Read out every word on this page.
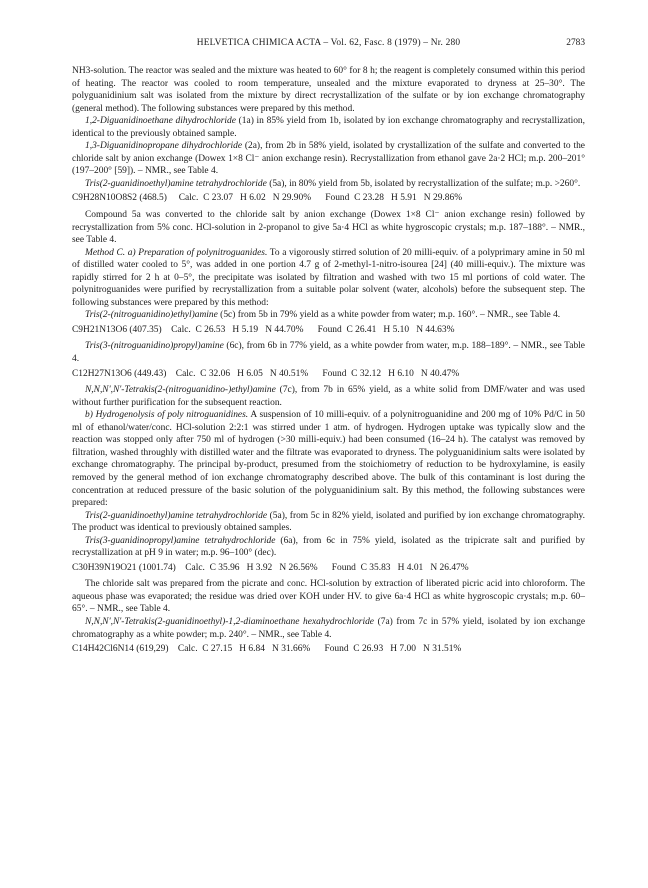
HELVETICA CHIMICA ACTA – Vol. 62, Fasc. 8 (1979) – Nr. 280	2783

NH3-solution. The reactor was sealed and the mixture was heated to 60° for 8 h; the reagent is completely consumed within this period of heating. The reactor was cooled to room temperature, unsealed and the mixture evaporated to dryness at 25–30°. The polyguanidinium salt was isolated from the mixture by direct recrystallization of the sulfate or by ion exchange chromatography (general method). The following substances were prepared by this method.

1,2-Diguanidinoethane dihydrochloride (1a) in 85% yield from 1b, isolated by ion exchange chromatography and recrystallization, identical to the previously obtained sample.

1,3-Diguanidinopropane dihydrochloride (2a), from 2b in 58% yield, isolated by crystallization of the sulfate and converted to the chloride salt by anion exchange (Dowex 1×8 Cl⁻ anion exchange resin). Recrystallization from ethanol gave 2a·2 HCl; m.p. 200–201° (197–200° [59]). – NMR., see Table 4.

Tris(2-guanidinoethyl)amine tetrahydrochloride (5a), in 80% yield from 5b, isolated by recrystallization of the sulfate; m.p. >260°.

C9H28N10O8S2 (468.5)     Calc.  C 23.07   H 6.02   N 29.90%      Found  C 23.28   H 5.91   N 29.86%

Compound 5a was converted to the chloride salt by anion exchange (Dowex 1×8 Cl⁻ anion exchange resin) followed by recrystallization from 5% conc. HCl-solution in 2-propanol to give 5a·4 HCl as white hygroscopic crystals; m.p. 187–188°. – NMR., see Table 4.

Method C. a) Preparation of polynitroguanides. To a vigorously stirred solution of 20 milli-equiv. of a polyprimary amine in 50 ml of distilled water cooled to 5°, was added in one portion 4.7 g of 2-methyl-1-nitro-isourea [24] (40 milli-equiv.). The mixture was rapidly stirred for 2 h at 0–5°, the precipitate was isolated by filtration and washed with two 15 ml portions of cold water. The polynitroguanides were purified by recrystallization from a suitable polar solvent (water, alcohols) before the subsequent step. The following substances were prepared by this method:

Tris(2-(nitroguanidino)ethyl)amine (5c) from 5b in 79% yield as a white powder from water; m.p. 160°. – NMR., see Table 4.

C9H21N13O6 (407.35)    Calc.  C 26.53   H 5.19   N 44.70%      Found  C 26.41   H 5.10   N 44.63%

Tris(3-(nitroguanidino)propyl)amine (6c), from 6b in 77% yield, as a white powder from water, m.p. 188–189°. – NMR., see Table 4.

C12H27N13O6 (449.43)    Calc.  C 32.06   H 6.05   N 40.51%      Found  C 32.12   H 6.10   N 40.47%

N,N,N',N'-Tetrakis(2-(nitroguanidino-)ethyl)amine (7c), from 7b in 65% yield, as a white solid from DMF/water and was used without further purification for the subsequent reaction.

b) Hydrogenolysis of poly nitroguanidines. A suspension of 10 milli-equiv. of a polynitroguanidine and 200 mg of 10% Pd/C in 50 ml of ethanol/water/conc. HCl-solution 2:2:1 was stirred under 1 atm. of hydrogen. Hydrogen uptake was typically slow and the reaction was stopped only after 750 ml of hydrogen (>30 milli-equiv.) had been consumed (16–24 h). The catalyst was removed by filtration, washed throughly with distilled water and the filtrate was evaporated to dryness. The polyguanidinium salts were isolated by exchange chromatography. The principal by-product, presumed from the stoichiometry of reduction to be hydroxylamine, is easily removed by the general method of ion exchange chromatography described above. The bulk of this contaminant is lost during the concentration at reduced pressure of the basic solution of the polyguanidinium salt. By this method, the following substances were prepared:

Tris(2-guanidinoethyl)amine tetrahydrochloride (5a), from 5c in 82% yield, isolated and purified by ion exchange chromatography. The product was identical to previously obtained samples.

Tris(3-guanidinopropyl)amine tetrahydrochloride (6a), from 6c in 75% yield, isolated as the tripicrate salt and purified by recrystallization at pH 9 in water; m.p. 96–100° (dec).

C30H39N19O21 (1001.74)    Calc.  C 35.96   H 3.92   N 26.56%      Found  C 35.83   H 4.01   N 26.47%

The chloride salt was prepared from the picrate and conc. HCl-solution by extraction of liberated picric acid into chloroform. The aqueous phase was evaporated; the residue was dried over KOH under HV. to give 6a·4 HCl as white hygroscopic crystals; m.p. 60–65°. – NMR., see Table 4.

N,N,N',N'-Tetrakis(2-guanidinoethyl)-1,2-diaminoethane hexahydrochloride (7a) from 7c in 57% yield, isolated by ion exchange chromatography as a white powder; m.p. 240°. – NMR., see Table 4.

C14H42Cl6N14 (619,29)    Calc.  C 27.15   H 6.84   N 31.66%      Found  C 26.93   H 7.00   N 31.51%
